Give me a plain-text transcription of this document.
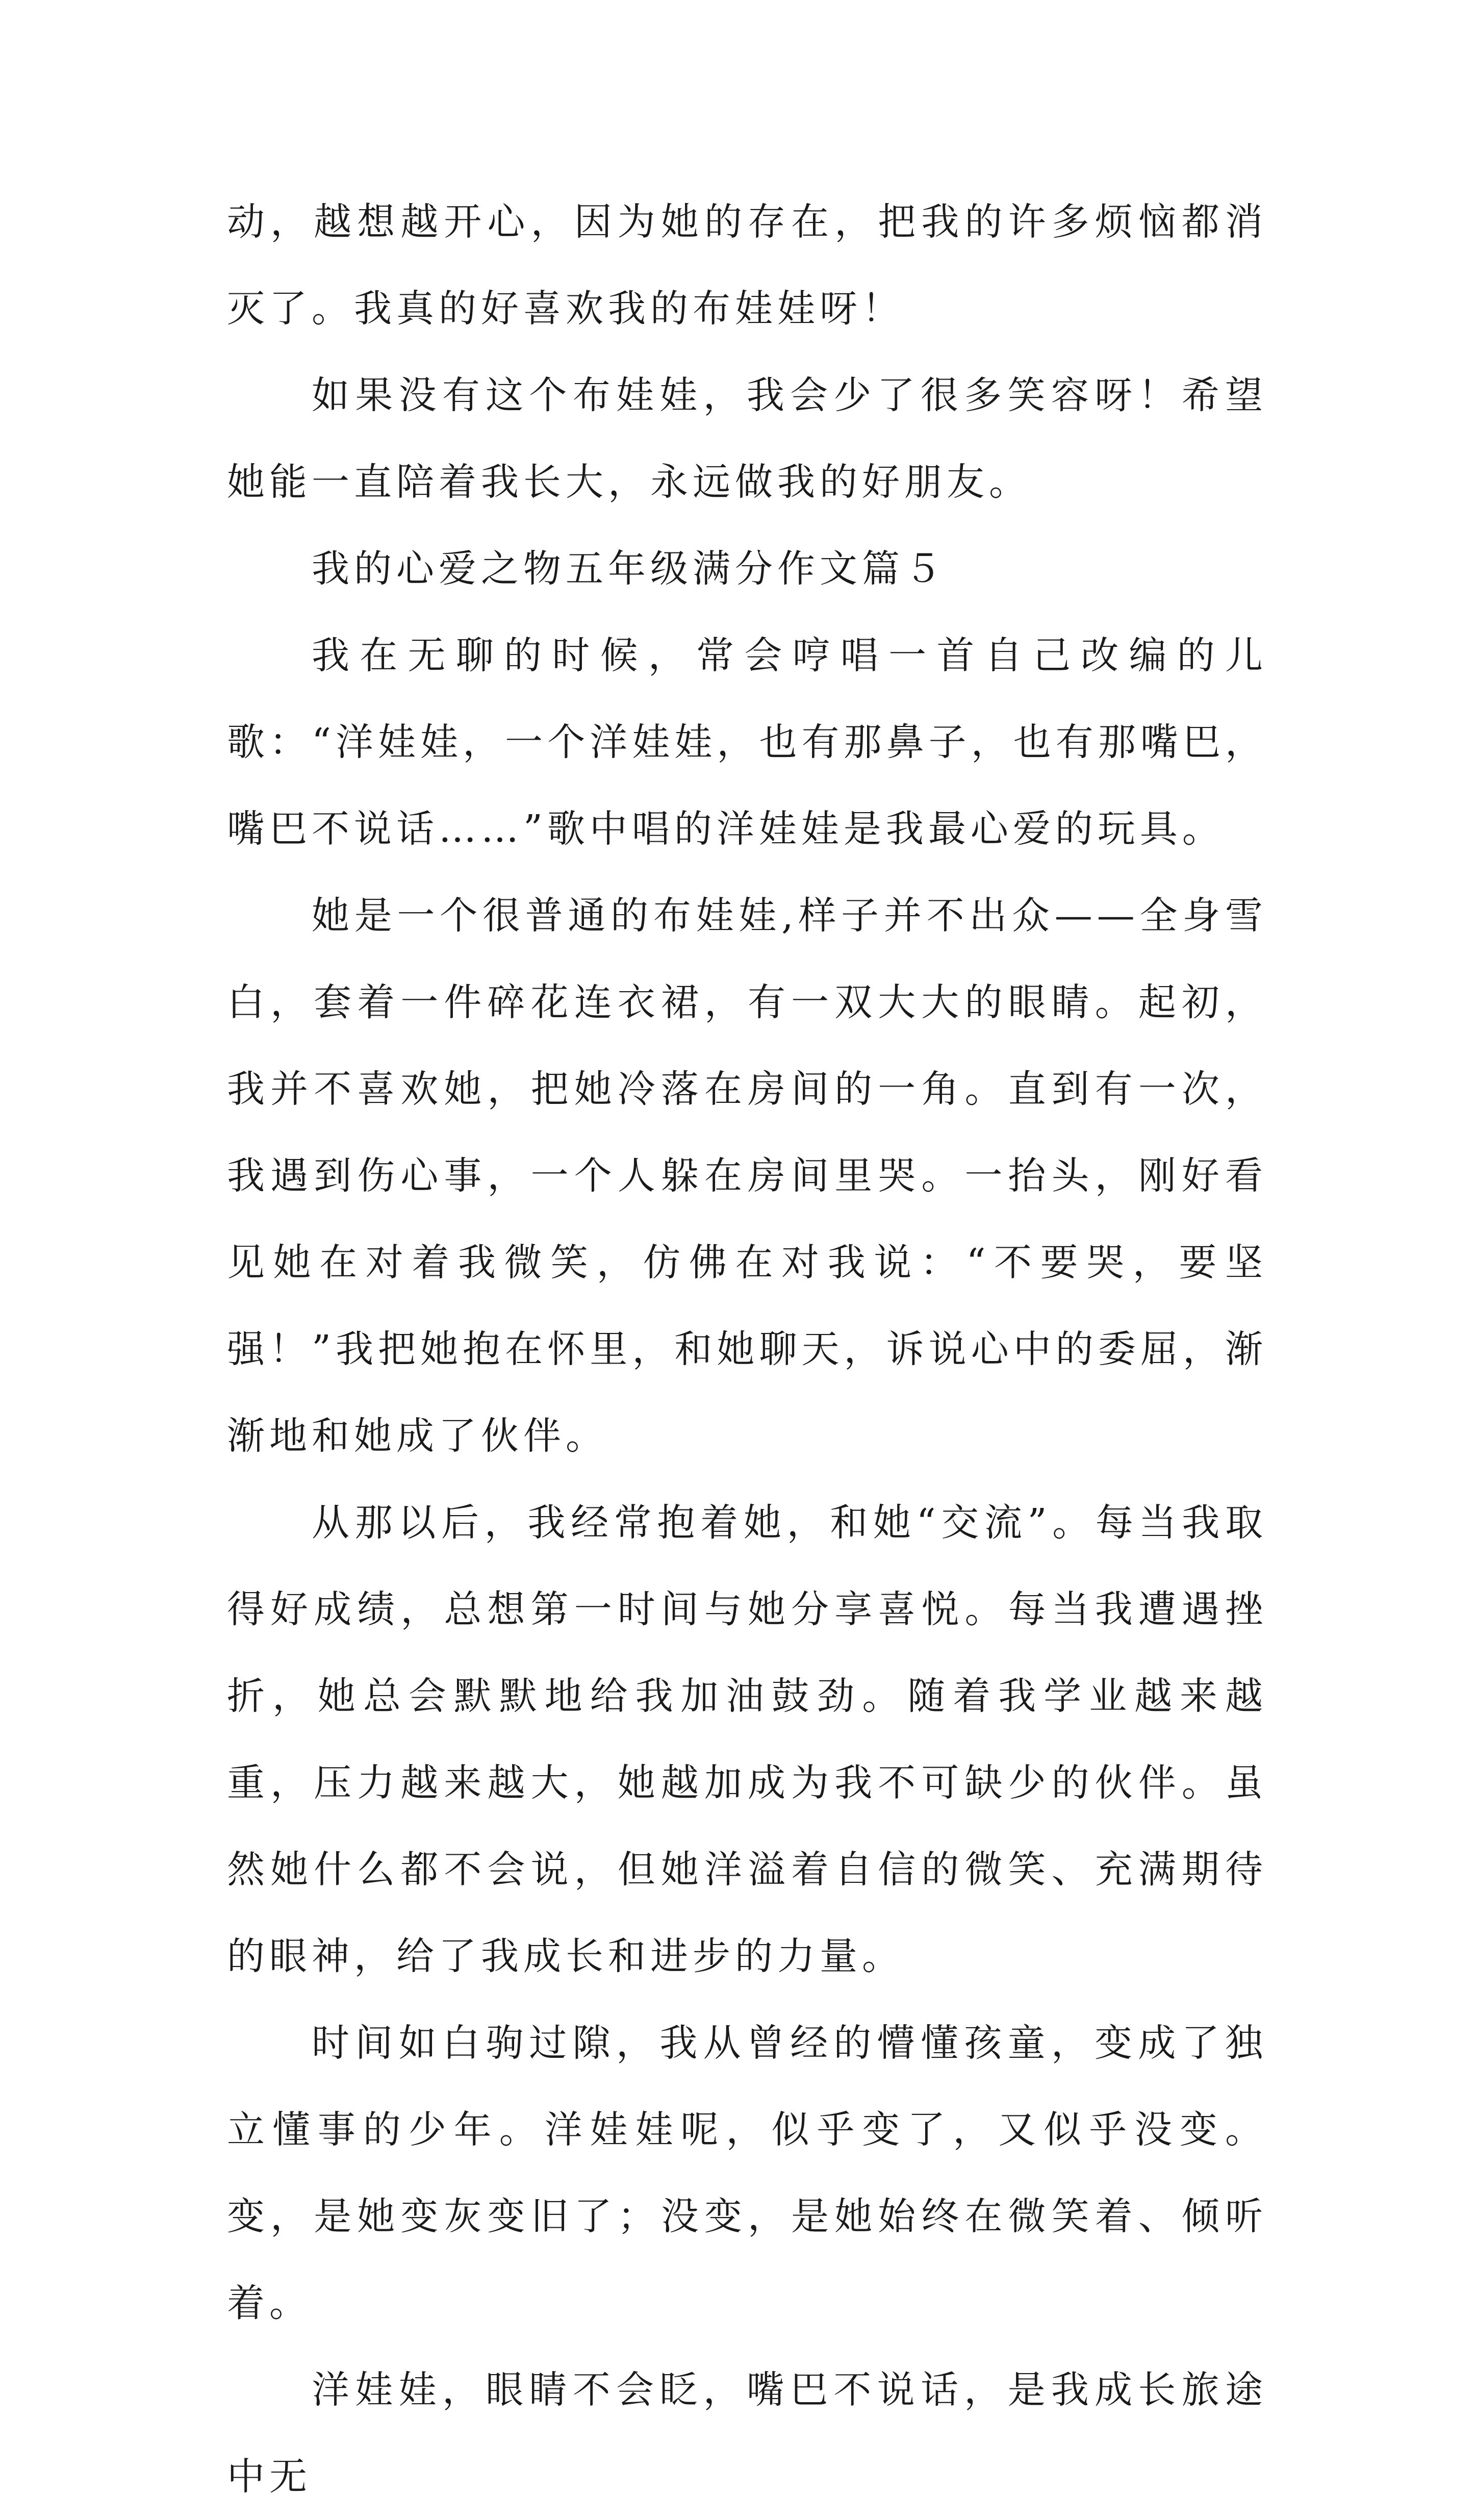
动，越想越开心，因为她的存在，把我的许多烦恼都消灭了。我真的好喜欢我的布娃娃呀！

如果没有这个布娃娃，我会少了很多笑容呀！希望她能一直陪着我长大，永远做我的好朋友。

我的心爱之物五年级满分作文篇５

我在无聊的时候，常会哼唱一首自己改编的儿歌：“洋娃娃，一个洋娃娃，也有那鼻子，也有那嘴巴，嘴巴不说话……”歌中唱的洋娃娃是我最心爱的玩具。

她是一个很普通的布娃娃,样子并不出众——全身雪白，套着一件碎花连衣裙，有一双大大的眼睛。起初，我并不喜欢她，把她冷落在房间的一角。直到有一次，我遇到伤心事，一个人躲在房间里哭。一抬头，刚好看见她在对着我微笑，仿佛在对我说：“不要哭，要坚强！”我把她抱在怀里，和她聊天，诉说心中的委屈，渐渐地和她成了伙伴。

从那以后，我经常抱着她，和她“交流”。每当我取得好成绩，总想第一时间与她分享喜悦。每当我遭遇挫折，她总会默默地给我加油鼓劲。随着我学业越来越重，压力越来越大，她越加成为我不可缺少的伙伴。虽然她什么都不会说，但她洋溢着自信的微笑、充满期待的眼神，给了我成长和进步的力量。

时间如白驹过隙，我从曾经的懵懂孩童，变成了独立懂事的少年。洋娃娃呢，似乎变了，又似乎没变。变，是她变灰变旧了；没变，是她始终在微笑着、倾听着。

洋娃娃，眼睛不会眨，嘴巴不说话，是我成长旅途中无
